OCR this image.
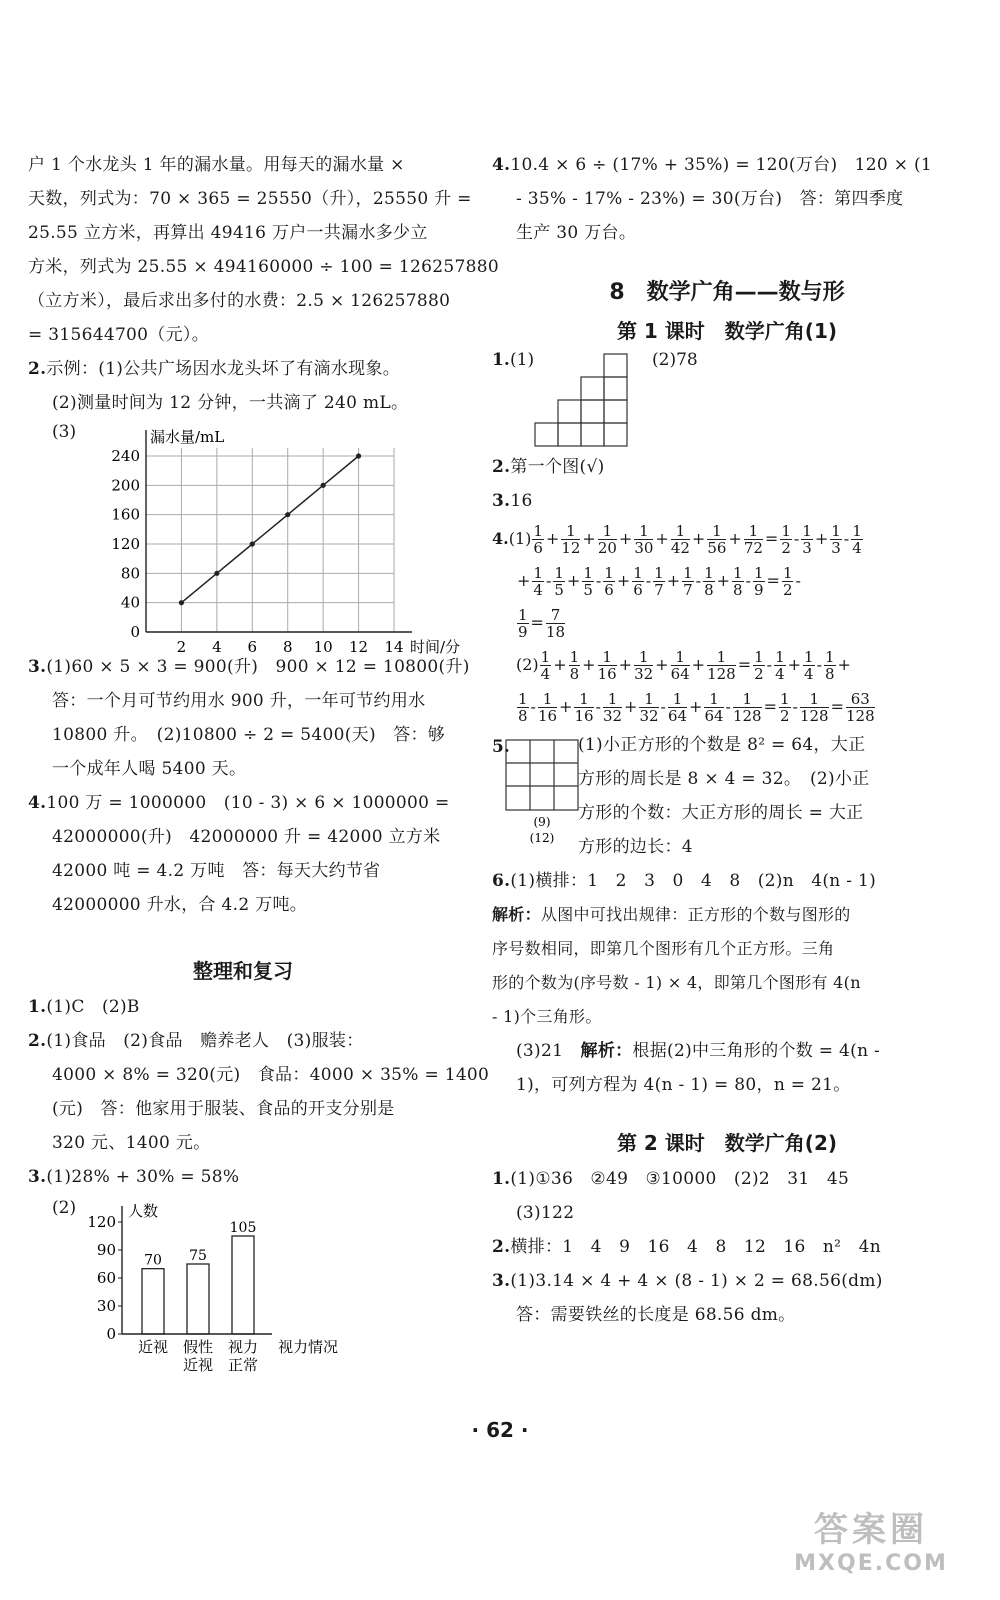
户 1 个水龙头 1 年的漏水量。用每天的漏水量 ×
天数，列式为：70 × 365 = 25550（升），25550 升 =
25.55 立方米，再算出 49416 万户一共漏水多少立
方米，列式为 25.55 × 494160000 ÷ 100 = 126257880
（立方米），最后求出多付的水费：2.5 × 126257880
= 315644700（元）。
2.示例：(1)公共广场因水龙头坏了有滴水现象。
(2)测量时间为 12 分钟，一共滴了 240 mL。
(3)	漏水量/mL
0
40
80
120
160
200
240
2 4 6 8 10 12 14 时间/分
3.(1)60 × 5 × 3 = 900(升)　900 × 12 = 10800(升)
答：一个月可节约用水 900 升，一年可节约用水
10800 升。　(2)10800 ÷ 2 = 5400(天)　答：够
一个成年人喝 5400 天。
4.100 万 = 1000000　(10 - 3) × 6 × 1000000 =
42000000(升)　42000000 升 = 42000 立方米
42000 吨 = 4.2 万吨　答：每天大约节省
42000000 升水，合 4.2 万吨。
整理和复习
1.(1)C　(2)B
2.(1)食品　(2)食品　赡养老人　(3)服装：
4000 × 8% = 320(元)　食品：4000 × 35% = 1400
(元)　答：他家用于服装、食品的开支分别是
320 元、1400 元。
3.(1)28% + 30% = 58%
(2)	人数
0
30
60
90
120
70
近视
75
假性
近视
105
视力
正常
视力情况
4.10.4 × 6 ÷ (17% + 35%) = 120(万台)　120 × (1
- 35% - 17% - 23%) = 30(万台)　答：第四季度
生产 30 万台。
8　数学广角——数与形
第 1 课时　数学广角(1)
1. (1)	(2)78
2.第一个图(√)
3.16
$4.(1) \frac{1}{6} + \frac{1}{12} + \frac{1}{20} + \frac{1}{30} + \frac{1}{42} + \frac{1}{56} + \frac{1}{72} = \frac{1}{2} - \frac{1}{3} + \frac{1}{3} - \frac{1}{4}$
+ $\frac{1}{4} - \frac{1}{5} + \frac{1}{5} - \frac{1}{6} + \frac{1}{6} - \frac{1}{7} + \frac{1}{7} - \frac{1}{8} + \frac{1}{8} - \frac{1}{9} = \frac{1}{2}$ -
$\frac{1}{9} = \frac{7}{18}$
$(2) \frac{1}{4} + \frac{1}{8} + \frac{1}{16} + \frac{1}{32} + \frac{1}{64} + \frac{1}{128} = \frac{1}{2} - \frac{1}{4} + \frac{1}{4} - \frac{1}{8}$ +
$\frac{1}{8} - \frac{1}{16} + \frac{1}{16} - \frac{1}{32} + \frac{1}{32} - \frac{1}{64} + \frac{1}{64} - \frac{1}{128} = \frac{1}{2} - \frac{1}{128} = \frac{63}{128}$
5.
(9)
(12)
(1)小正方形的个数是 8² = 64，大正
方形的周长是 8 × 4 = 32。　(2)小正
方形的个数：大正方形的周长 = 大正
方形的边长：4
6.(1)横排：1　2　3　0　4　8　(2)n　4(n - 1)
解析：从图中可找出规律：正方形的个数与图形的
序号数相同，即第几个图形有几个正方形。三角
形的个数为(序号数 - 1) × 4，即第几个图形有 4(n
- 1)个三角形。
(3)21　解析：根据(2)中三角形的个数 = 4(n -
1)，可列方程为 4(n - 1) = 80，n = 21。
第 2 课时　数学广角(2)
1.(1)①36　②49　③10000　(2)2　31　45
(3)122
2.横排：1　4　9　16　4　8　12　16　n²　4n
3.(1)3.14 × 4 + 4 × (8 - 1) × 2 = 68.56(dm)
答：需要铁丝的长度是 68.56 dm。
· 62 ·
答案圈
MXQE.COM
